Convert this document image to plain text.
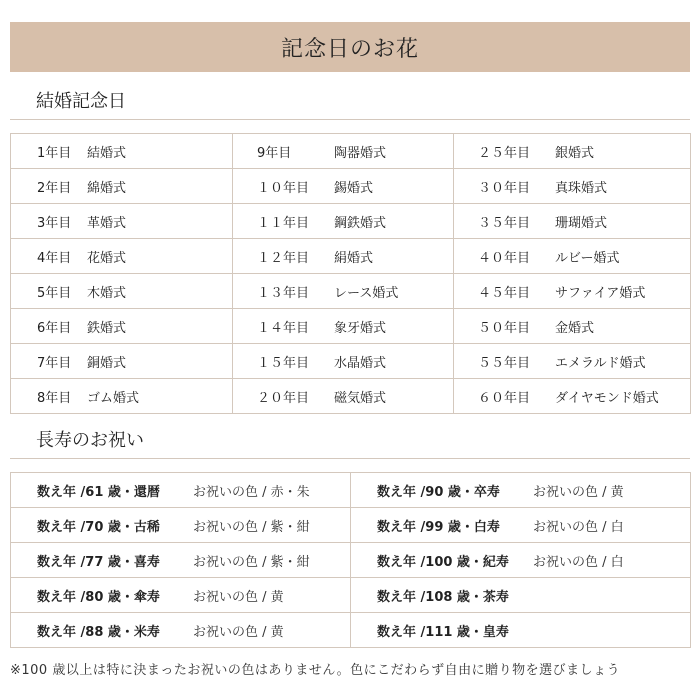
記念日のお花
結婚記念日
1年目 結婚式	9年目 陶器婚式	２５年目 銀婚式

2年目 綿婚式	１０年目 錫婚式	３０年目 真珠婚式

3年目 革婚式	１１年目 鋼鉄婚式	３５年目 珊瑚婚式

4年目 花婚式	１２年目 絹婚式	４０年目 ルビー婚式

5年目 木婚式	１３年目 レース婚式	４５年目 サファイア婚式

6年目 鉄婚式	１４年目 象牙婚式	５０年目 金婚式

7年目 銅婚式	１５年目 水晶婚式	５５年目 エメラルド婚式

8年目 ゴム婚式	２０年目 磁気婚式	６０年目 ダイヤモンド婚式
長寿のお祝い
数え年 /61 歳・還暦 お祝いの色 / 赤・朱	数え年 /90 歳・卒寿 お祝いの色 / 黄

数え年 /70 歳・古稀 お祝いの色 / 紫・紺	数え年 /99 歳・白寿 お祝いの色 / 白

数え年 /77 歳・喜寿 お祝いの色 / 紫・紺	数え年 /100 歳・紀寿 お祝いの色 / 白

数え年 /80 歳・傘寿 お祝いの色 / 黄	数え年 /108 歳・茶寿

数え年 /88 歳・米寿 お祝いの色 / 黄	数え年 /111 歳・皇寿
※100 歳以上は特に決まったお祝いの色はありません。色にこだわらず自由に贈り物を選びましょう
